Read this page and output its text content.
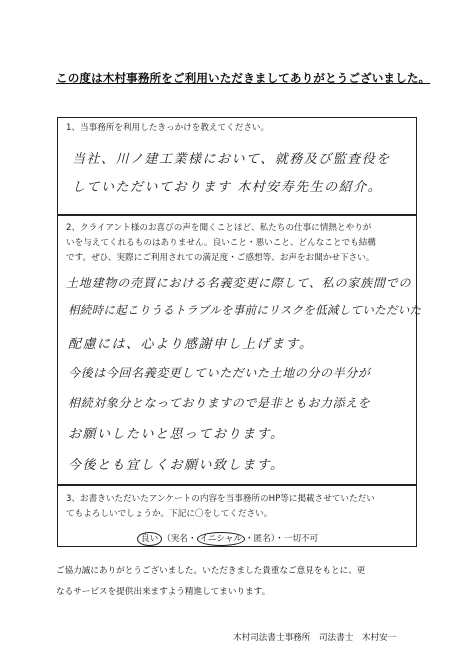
この度は木村事務所をご利用いただきましてありがとうございました。
1、当事務所を利用したきっかけを教えてください。
当社、川ノ建工業様において、就務及び監査役を
していただいております 木村安寿先生の紹介。
2、クライアント様のお喜びの声を聞くことほど、私たちの仕事に情熱とやりが
いを与えてくれるものはありません。良いこと・悪いこと、どんなことでも結構
です。ぜひ、実際にご利用されての満足度・ご感想等、お声をお聞かせ下さい。
土地建物の売買における名義変更に際して、私の家族間での
相続時に起こりうるトラブルを事前にリスクを低減していただいた
配慮には、心より感謝申し上げます。
今後は今回名義変更していただいた土地の分の半分が
相続対象分となっておりますので是非ともお力添えを
お願いしたいと思っております。
今後とも宜しくお願い致します。
3、お書きいただいたアンケートの内容を当事務所のHP等に掲載させていただい
てもよろしいでしょうか。下記に〇をしてください。
良い （実名・ イニシャル ・匿名）・一切不可
ご協力誠にありがとうございました。いただきました貴重なご意見をもとに、更
なるサービスを提供出来ますよう精進してまいります。
木村司法書士事務所　司法書士　木村安一
